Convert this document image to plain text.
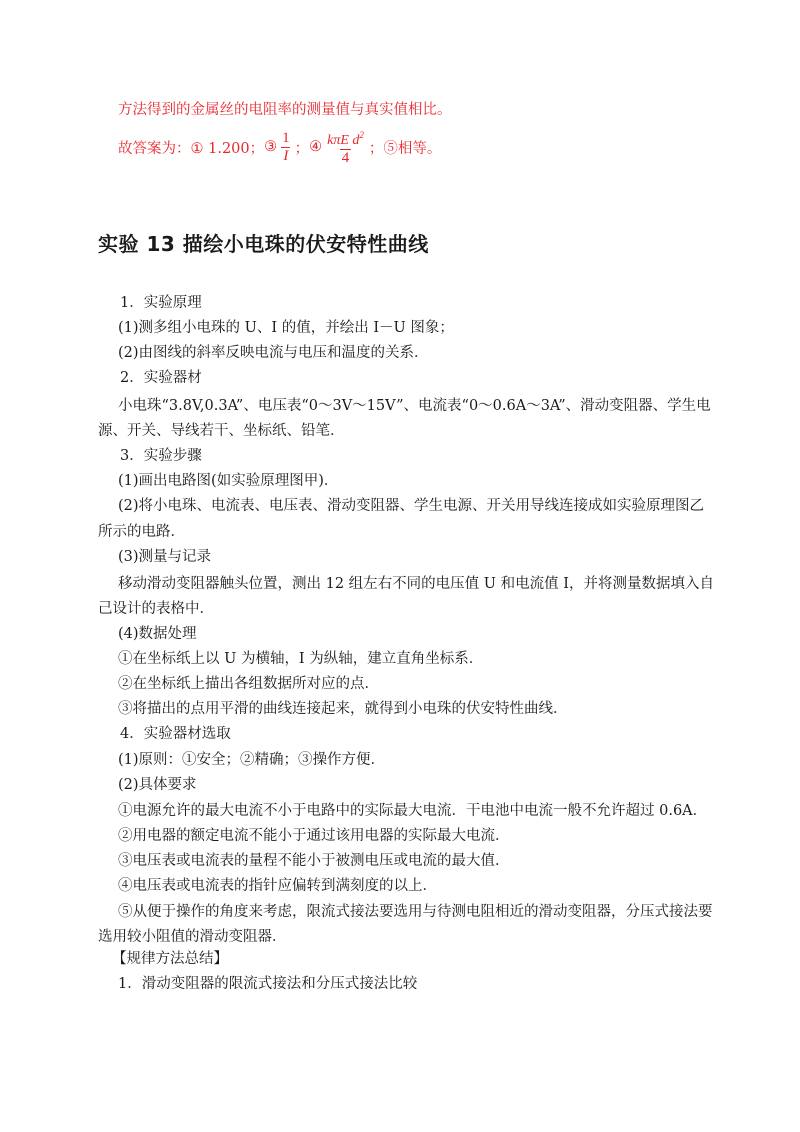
方法得到的金属丝的电阻率的测量值与真实值相比。
故答案为： ① 1.200； ③ $\frac{1}{I}$ ； ④ $\frac{k\pi E d^2}{4}$ ； ⑤相等。
实验 13 描绘小电珠的伏安特性曲线
1．实验原理
(1)测多组小电珠的 U、I 的值，并绘出 I－U 图象；
(2)由图线的斜率反映电流与电压和温度的关系．
2．实验器材
小电珠“3.8V,0.3A”、电压表“0～3V～15V”、电流表“0～0.6A～3A”、滑动变阻器、学生电
源、开关、导线若干、坐标纸、铅笔．
3．实验步骤
(1)画出电路图(如实验原理图甲)．
(2)将小电珠、电流表、电压表、滑动变阻器、学生电源、开关用导线连接成如实验原理图乙
所示的电路．
(3)测量与记录
移动滑动变阻器触头位置，测出 12 组左右不同的电压值 U 和电流值 I，并将测量数据填入自
己设计的表格中．
(4)数据处理
①在坐标纸上以 U 为横轴，I 为纵轴，建立直角坐标系．
②在坐标纸上描出各组数据所对应的点．
③将描出的点用平滑的曲线连接起来，就得到小电珠的伏安特性曲线．
4．实验器材选取
(1)原则：①安全；②精确；③操作方便．
(2)具体要求
①电源允许的最大电流不小于电路中的实际最大电流．干电池中电流一般不允许超过 0.6A．
②用电器的额定电流不能小于通过该用电器的实际最大电流．
③电压表或电流表的量程不能小于被测电压或电流的最大值．
④电压表或电流表的指针应偏转到满刻度的以上．
⑤从便于操作的角度来考虑，限流式接法要选用与待测电阻相近的滑动变阻器，分压式接法要
选用较小阻值的滑动变阻器．
【规律方法总结】
1．滑动变阻器的限流式接法和分压式接法比较
